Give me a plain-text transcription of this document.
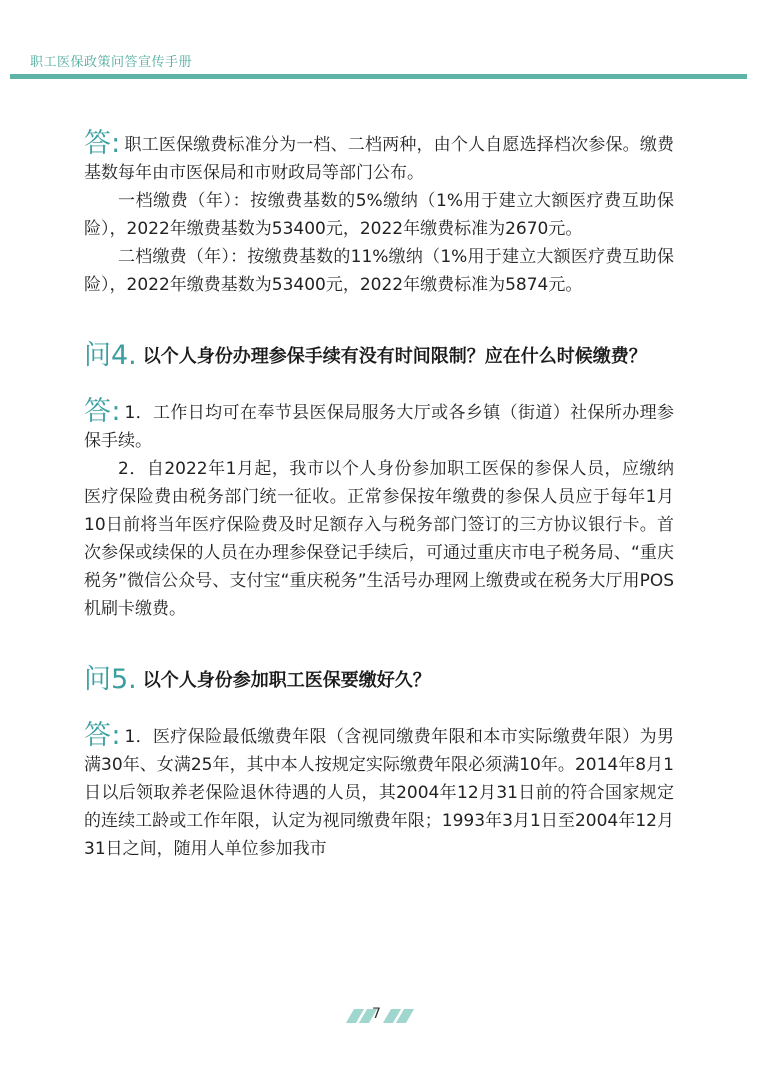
职工医保政策问答宣传手册

答: 职工医保缴费标准分为一档、二档两种，由个人自愿选择档次参保。缴费基数每年由市医保局和市财政局等部门公布。

一档缴费（年）：按缴费基数的5%缴纳（1%用于建立大额医疗费互助保险），2022年缴费基数为53400元，2022年缴费标准为2670元。

二档缴费（年）：按缴费基数的11%缴纳（1%用于建立大额医疗费互助保险），2022年缴费基数为53400元，2022年缴费标准为5874元。

问4. 以个人身份办理参保手续有没有时间限制？应在什么时候缴费？

答: 1．工作日均可在奉节县医保局服务大厅或各乡镇（街道）社保所办理参保手续。

2．自2022年1月起，我市以个人身份参加职工医保的参保人员，应缴纳医疗保险费由税务部门统一征收。正常参保按年缴费的参保人员应于每年1月10日前将当年医疗保险费及时足额存入与税务部门签订的三方协议银行卡。首次参保或续保的人员在办理参保登记手续后，可通过重庆市电子税务局、“重庆税务”微信公众号、支付宝“重庆税务”生活号办理网上缴费或在税务大厅用POS机刷卡缴费。

问5. 以个人身份参加职工医保要缴好久？

答: 1．医疗保险最低缴费年限（含视同缴费年限和本市实际缴费年限）为男满30年、女满25年，其中本人按规定实际缴费年限必须满10年。2014年8月1日以后领取养老保险退休待遇的人员，其2004年12月31日前的符合国家规定的连续工龄或工作年限，认定为视同缴费年限；1993年3月1日至2004年12月31日之间，随用人单位参加我市

7
